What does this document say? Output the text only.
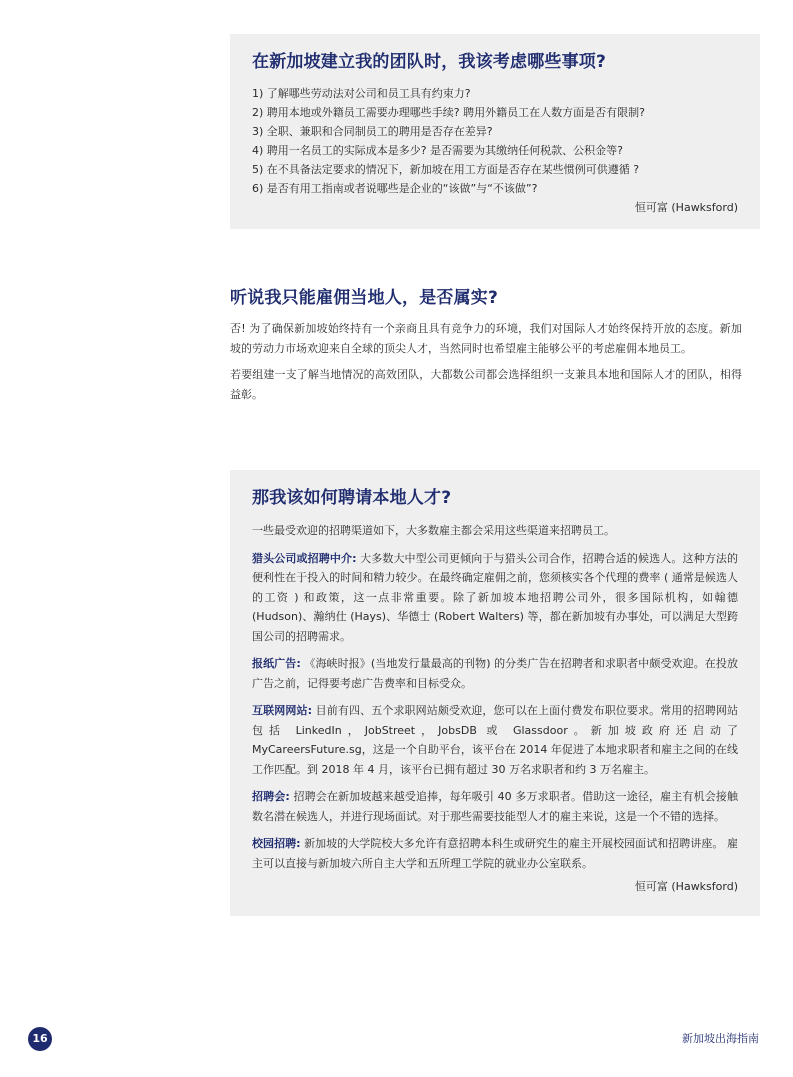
在新加坡建立我的团队时，我该考虑哪些事项?
1) 了解哪些劳动法对公司和员工具有约束力?
2) 聘用本地或外籍员工需要办理哪些手续? 聘用外籍员工在人数方面是否有限制?
3) 全职、兼职和合同制员工的聘用是否存在差异?
4) 聘用一名员工的实际成本是多少? 是否需要为其缴纳任何税款、公积金等?
5) 在不具备法定要求的情况下，新加坡在用工方面是否存在某些惯例可供遵循 ?
6) 是否有用工指南或者说哪些是企业的“该做”与“不该做”?
恒可富 (Hawksford)
听说我只能雇佣当地人，是否属实?

否! 为了确保新加坡始终持有一个亲商且具有竞争力的环境，我们对国际人才始终保持开放的态度。新加坡的劳动力市场欢迎来自全球的顶尖人才，当然同时也希望雇主能够公平的考虑雇佣本地员工。

若要组建一支了解当地情况的高效团队，大都数公司都会选择组织一支兼具本地和国际人才的团队，相得益彰。

那我该如何聘请本地人才?

一些最受欢迎的招聘渠道如下，大多数雇主都会采用这些渠道来招聘员工。

猎头公司或招聘中介: 大多数大中型公司更倾向于与猎头公司合作，招聘合适的候选人。这种方法的便利性在于投入的时间和精力较少。在最终确定雇佣之前，您须核实各个代理的费率 ( 通常是候选人的工资 ) 和政策，这一点非常重要。除了新加坡本地招聘公司外，很多国际机构，如翰德 (Hudson)、瀚纳仕 (Hays)、华德士 (Robert Walters) 等，都在新加坡有办事处，可以满足大型跨国公司的招聘需求。

报纸广告: 《海峡时报》(当地发行量最高的刊物) 的分类广告在招聘者和求职者中颇受欢迎。在投放广告之前，记得要考虑广告费率和目标受众。

互联网网站: 目前有四、五个求职网站颇受欢迎，您可以在上面付费发布职位要求。常用的招聘网站包括 LinkedIn，JobStreet，JobsDB 或 Glassdoor。新加坡政府还启动了 MyCareersFuture.sg，这是一个自助平台，该平台在 2014 年促进了本地求职者和雇主之间的在线工作匹配。到 2018 年 4 月，该平台已拥有超过 30 万名求职者和约 3 万名雇主。

招聘会: 招聘会在新加坡越来越受追捧，每年吸引 40 多万求职者。借助这一途径，雇主有机会接触数名潜在候选人，并进行现场面试。对于那些需要技能型人才的雇主来说，这是一个不错的选择。

校园招聘: 新加坡的大学院校大多允许有意招聘本科生或研究生的雇主开展校园面试和招聘讲座。 雇主可以直接与新加坡六所自主大学和五所理工学院的就业办公室联系。

恒可富 (Hawksford)
16	新加坡出海指南
